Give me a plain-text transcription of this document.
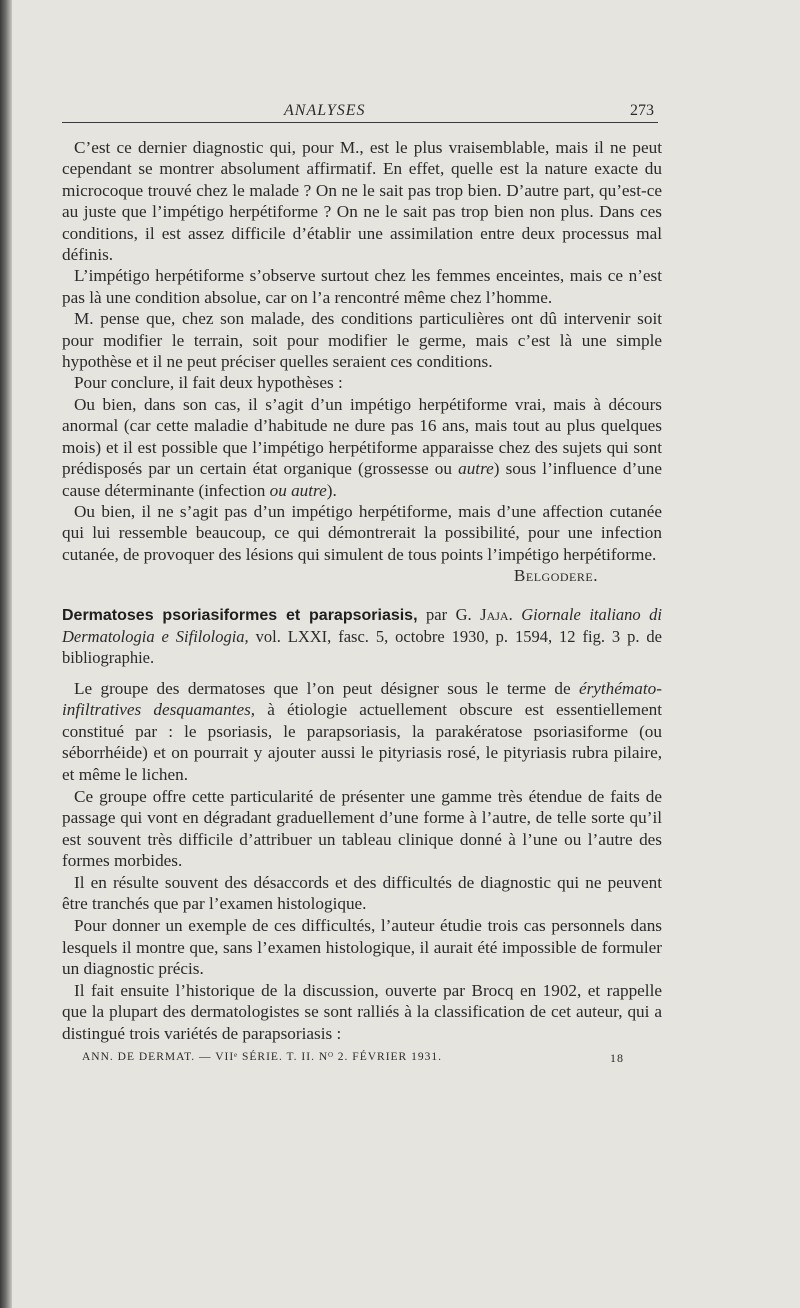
ANALYSES	273

C’est ce dernier diagnostic qui, pour M., est le plus vraisemblable, mais il ne peut cependant se montrer absolument affirmatif. En effet, quelle est la nature exacte du microcoque trouvé chez le malade ? On ne le sait pas trop bien. D’autre part, qu’est-ce au juste que l’impétigo herpétiforme ? On ne le sait pas trop bien non plus. Dans ces conditions, il est assez difficile d’établir une assimilation entre deux processus mal définis.

L’impétigo herpétiforme s’observe surtout chez les femmes enceintes, mais ce n’est pas là une condition absolue, car on l’a rencontré même chez l’homme.

M. pense que, chez son malade, des conditions particulières ont dû intervenir soit pour modifier le terrain, soit pour modifier le germe, mais c’est là une simple hypothèse et il ne peut préciser quelles seraient ces conditions.

Pour conclure, il fait deux hypothèses :

Ou bien, dans son cas, il s’agit d’un impétigo herpétiforme vrai, mais à décours anormal (car cette maladie d’habitude ne dure pas 16 ans, mais tout au plus quelques mois) et il est possible que l’impétigo herpétiforme apparaisse chez des sujets qui sont prédisposés par un certain état organique (grossesse ou autre) sous l’influence d’une cause déterminante (infection ou autre).

Ou bien, il ne s’agit pas d’un impétigo herpétiforme, mais d’une affection cutanée qui lui ressemble beaucoup, ce qui démontrerait la possibilité, pour une infection cutanée, de provoquer des lésions qui simulent de tous points l’impétigo herpétiforme.
Belgodere.

Dermatoses psoriasiformes et parapsoriasis, par G. Jaja. Giornale italiano di Dermatologia e Sifilologia, vol. LXXI, fasc. 5, octobre 1930, p. 1594, 12 fig. 3 p. de bibliographie.

Le groupe des dermatoses que l’on peut désigner sous le terme de érythémato-infiltratives desquamantes, à étiologie actuellement obscure est essentiellement constitué par : le psoriasis, le parapsoriasis, la parakératose psoriasiforme (ou séborrhéide) et on pourrait y ajouter aussi le pityriasis rosé, le pityriasis rubra pilaire, et même le lichen.

Ce groupe offre cette particularité de présenter une gamme très étendue de faits de passage qui vont en dégradant graduellement d’une forme à l’autre, de telle sorte qu’il est souvent très difficile d’attribuer un tableau clinique donné à l’une ou l’autre des formes morbides.

Il en résulte souvent des désaccords et des difficultés de diagnostic qui ne peuvent être tranchés que par l’examen histologique.

Pour donner un exemple de ces difficultés, l’auteur étudie trois cas personnels dans lesquels il montre que, sans l’examen histologique, il aurait été impossible de formuler un diagnostic précis.

Il fait ensuite l’historique de la discussion, ouverte par Brocq en 1902, et rappelle que la plupart des dermatologistes se sont ralliés à la classification de cet auteur, qui a distingué trois variétés de parapsoriasis :

ANN. DE DERMAT. — VIIᵉ SÉRIE. T. II. Nᴼ 2. FÉVRIER 1931.	18
